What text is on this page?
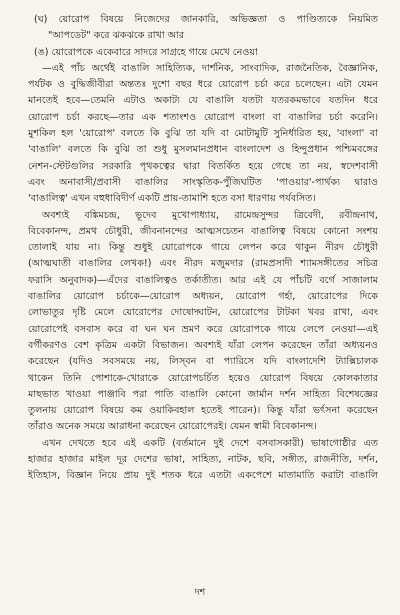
(ঘ) য়োরোপ বিষয়ে নিজেদের জানকারি, অভিজ্ঞতা ও পাণ্ডিত্যকে নিয়মিত
"আপডেট" করে ঝকঝকে রাখা আর
(ঙ) য়োরোপকে একেবারে সাদরে সাগ্রহে গায়ে মেখে নেওয়া
—এই পাঁচ অর্থেই বাঙালি সাহিত্যিক, দার্শনিক, সাংবাদিক, রাজনৈতিক, বৈজ্ঞানিক,
পর্যটক ও বুদ্ধিজীবীরা অন্ততঃ দুশো বছর ধরে য়োরোপ চর্চা করে চলেছেন। এটা যেমন
মানতেই হবে—তেমনি এটাও অকাট্য যে বাঙালি যতটা যতরকমভাবে যতদিন ধরে
য়োরোপ চর্চা করছে—তার এক শতাংশও য়োরোপ বাংলা বা বাঙালির চর্চা করেনি।
মুশকিল হল 'য়োরোপ' বলতে কি বুঝি তা যদি বা মোটামুটি সুনির্ধারিত হয়, 'বাংলা' বা
'বাঙালি' বলতে কি বুঝি তা শুধু মুসলমানপ্রধান বাংলাদেশ ও হিন্দুপ্রধান পশ্চিমবঙ্গের
নেশন-স্টেটগুলির সরকারি পৃথকত্বের দ্বারা বিতর্কিত হয়ে গেছে তা নয়, স্বদেশবাসী
এবং অনাবাসী/প্রবাসী বাঙালির সাংস্কৃতিক-পুঁজিঘটিত 'পাওয়ার'-পার্থক্য দ্বারাও
'বাঙালিত্ব' এখন বহুধাবিদীর্ণ একটি প্রায়-তামাশি হতে বসা ধারণায় পর্যবসিত।
অবশ্যই বঙ্কিমচন্দ্র, ভূদেব মুখোপাধ্যায়, রামেন্দ্রসুন্দর ত্রিবেদী, রবীন্দ্রনাথ,
বিবেকানন্দ, প্রমথ চৌধুরী, জীবনানন্দের আত্মসচেতন বাঙালিত্ব বিষয়ে কোনো সংশয়
তোলাই যায় না। কিন্তু শুধুই য়োরোপকে গায়ে লেপন করে থাকুন নীরদ চৌধুরী
(আত্মঘাতী বাঙালির লেখক!) এবং নীরদ মজুমদার (রামপ্রসাদী শ্যামসঙ্গীতের সচিত্র
ফরাসি অনুবাদক)—এঁদের বাঙালিত্বও তর্কাতীত। আর এই যে পাঁচটি বর্গে সাজালাম
বাঙালির য়োরোপ চর্চাকে—য়োরোপ অধ্যয়ন, য়োরোপ গর্হা, য়োরোপের দিকে
লোভাতুর দৃষ্টি মেলে য়োরোপের দোষোদ্ঘাটন, য়োরোপের টাটকা খবর রাখা, এবং
য়োরোপেই বসবাস করে বা ঘন ঘন ভ্রমণ করে য়োরোপকে গায়ে লেপে নেওয়া—এই
বর্গীকরণও বেশ কৃত্রিম একটা বিভাজন। অবশ্যই যাঁরা লেপন করেছেন তাঁরা অধ্যয়নও
করেছেন (যদিও সবসময়ে নয়, লিস্‌বন বা প্যারিসে যদি বাংলাদেশি ট্যাক্সিচালক
থাকেন তিনি পোশাকে-খোরাকে য়োরোপচর্চিত হয়েও য়োরোপ বিষয়ে কোলকাতার
মাছভাত খাওয়া পাঞ্জাবি পরা পাতি বাঙালি কোনো জার্মান দর্শন সাহিত্য বিশেষজ্ঞের
তুলনায় য়োরোপ বিষয়ে কম ওয়াকিবহাল হতেই পারেন)। কিন্তু যাঁরা ভর্ৎসনা করেছেন
তাঁরাও অনেক সময়ে আরাধনা করেছেন য়োরোপেরই। যেমন স্বামী বিবেকানন্দ।
এখন দেখতে হবে এই একটি (বর্তমানে দুই দেশে বসবাসকারী) ভাষাগোষ্ঠীর এত
হাজার হাজার মাইল দূর দেশের ভাষা, সাহিত্য, নাটক, ছবি, সঙ্গীত, রাজনীতি, দর্শন,
ইতিহাস, বিজ্ঞান নিয়ে প্রায় দুই শতক ধরে এতটা একপেশে মাতামাতি করাটা বাঙালি
দশ
